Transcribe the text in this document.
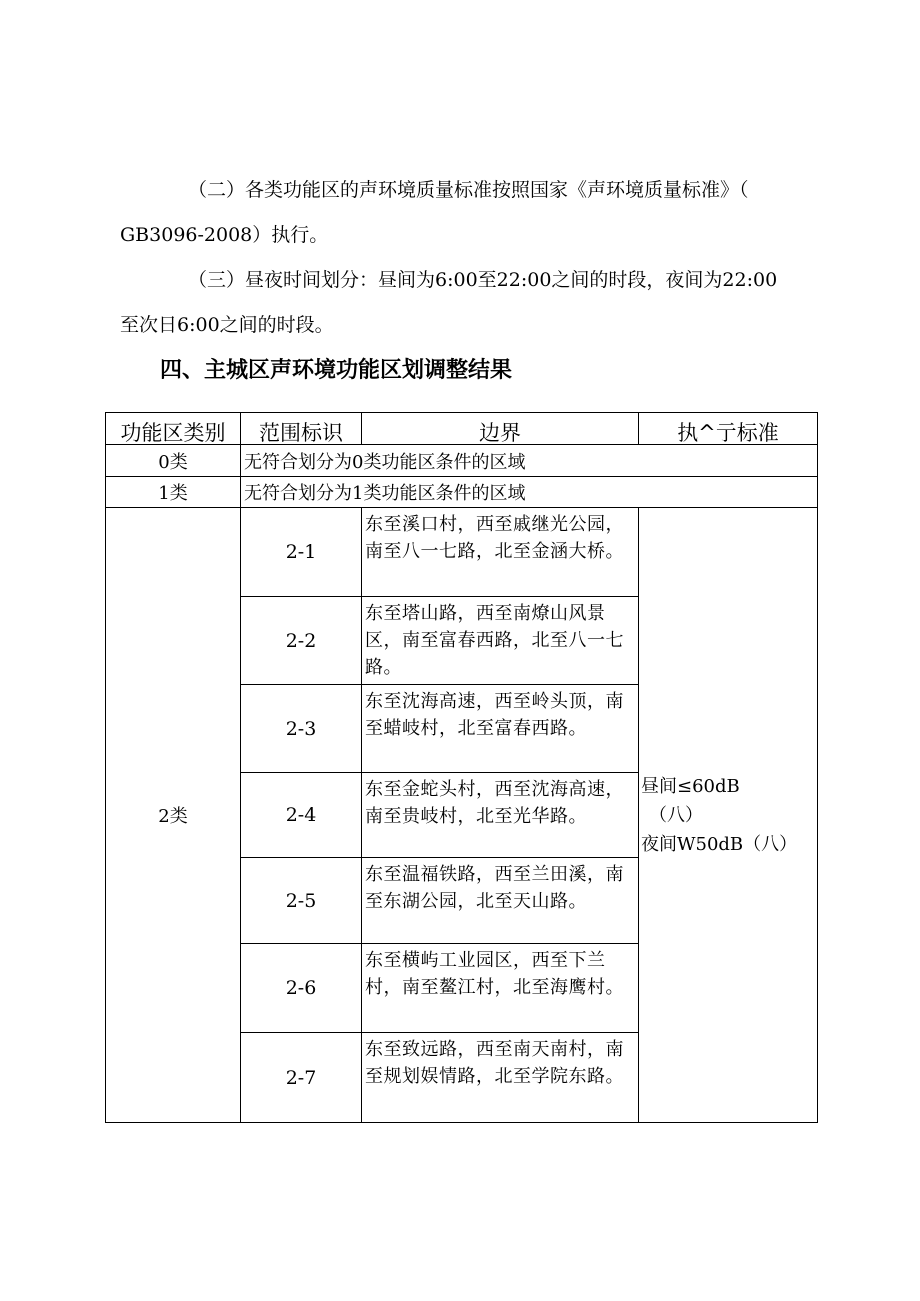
（二）各类功能区的声环境质量标准按照国家《声环境质量标准》（
GB3096-2008）执行。
（三）昼夜时间划分：昼间为6:00至22:00之间的时段，夜间为22:00
至次日6:00之间的时段。
四、主城区声环境功能区划调整结果
功能区类别	范围标识	边界	执^亍标准
0类	无符合划分为0类功能区条件的区域		
1类	无符合划分为1类功能区条件的区域		
2类	2-1	东至溪口村，西至戚继光公园，南至八一七路，北至金涵大桥。	昼间≤60dB
（八）
夜间W50dB（八）

	2-2	东至塔山路，西至南燎山风景区，南至富春西路，北至八一七路。	
	2-3	东至沈海高速，西至岭头顶，南至蜡岐村，北至富春西路。	
	2-4	东至金蛇头村，西至沈海高速，南至贵岐村，北至光华路。	
	2-5	东至温福铁路，西至兰田溪，南至东湖公园，北至天山路。	
	2-6	东至横屿工业园区，西至下兰村，南至鳌江村，北至海鹰村。	
	2-7	东至致远路，西至南天南村，南至规划娱情路，北至学院东路。	
